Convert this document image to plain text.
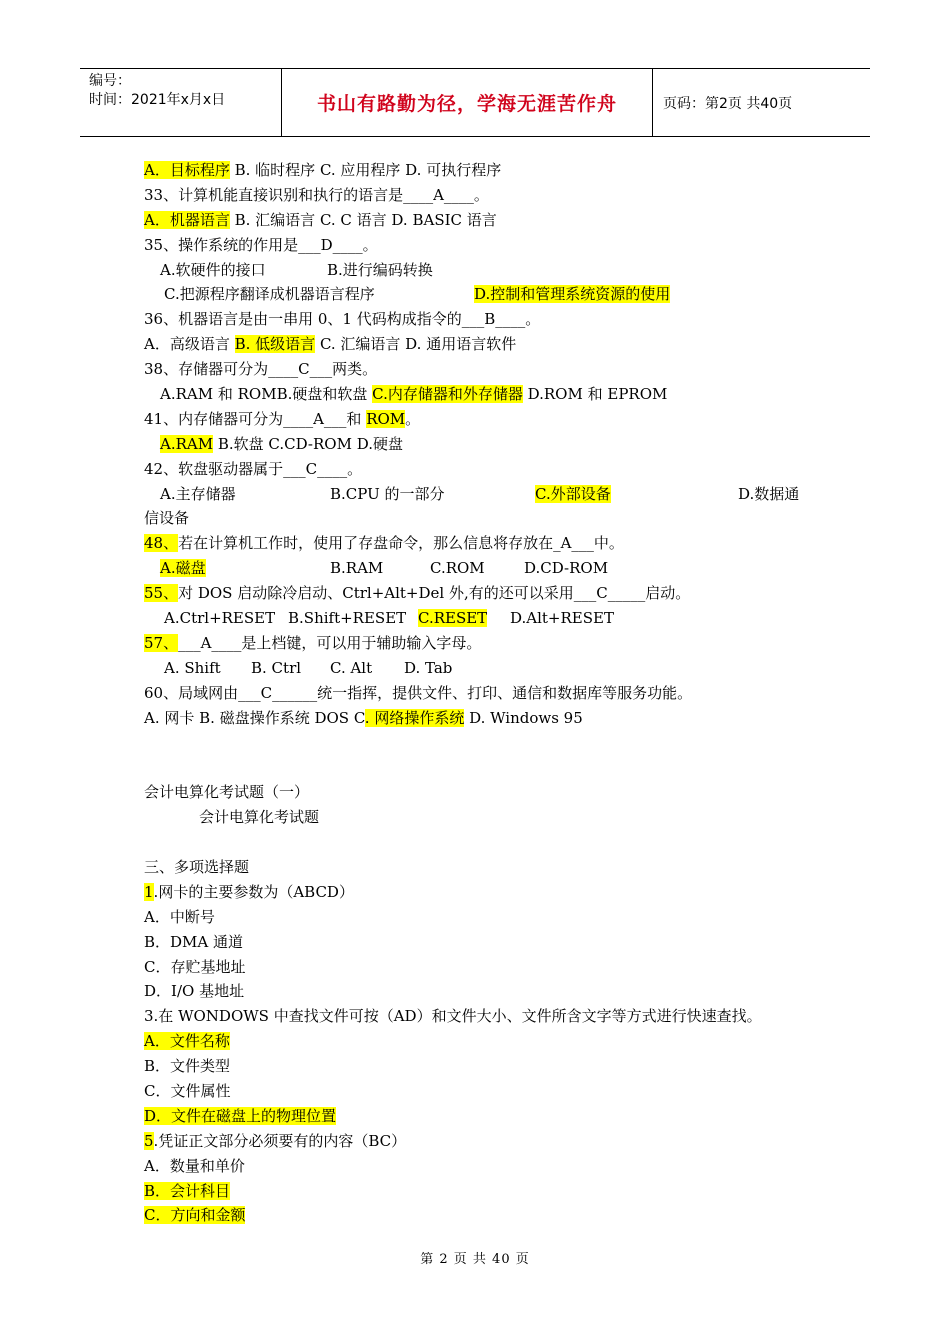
编号：
时间：2021年x月x日	书山有路勤为径，学海无涯苦作舟	页码：第2页 共40页
A．目标程序 B. 临时程序 C. 应用程序 D. 可执行程序
33、计算机能直接识别和执行的语言是____A____。
A．机器语言 B. 汇编语言 C. C 语言 D. BASIC 语言
35、操作系统的作用是___D____。
A.软硬件的接口	B.进行编码转换
C.把源程序翻译成机器语言程序	D.控制和管理系统资源的使用
36、机器语言是由一串用 0、1 代码构成指令的___B____。
A．高级语言 B. 低级语言 C. 汇编语言 D. 通用语言软件
38、存储器可分为____C___两类。
A.RAM 和 ROMB.硬盘和软盘 C.内存储器和外存储器 D.ROM 和 EPROM
41、内存储器可分为____A___和 ROM。
A.RAM B.软盘 C.CD-ROM D.硬盘
42、软盘驱动器属于___C____。
A.主存储器	B.CPU 的一部分	C.外部设备	D.数据通
信设备
48、若在计算机工作时，使用了存盘命令，那么信息将存放在_A___中。
A.磁盘	B.RAM	C.ROM	D.CD-ROM
55、对 DOS 启动除冷启动、Ctrl+Alt+Del 外,有的还可以采用___C_____启动。
A.Ctrl+RESET B.Shift+RESET C.RESET D.Alt+RESET
57、___A____是上档键，可以用于辅助输入字母。
A. Shift B. Ctrl C. Alt D. Tab
60、局域网由___C______统一指挥，提供文件、打印、通信和数据库等服务功能。
A. 网卡 B. 磁盘操作系统 DOS C. 网络操作系统 D. Windows 95
会计电算化考试题（一）
会计电算化考试题
三、多项选择题
1.网卡的主要参数为（ABCD）
A．中断号
B．DMA 通道
C．存贮基地址
D．I/O 基地址
3.在 WONDOWS 中查找文件可按（AD）和文件大小、文件所含文字等方式进行快速查找。
A．文件名称
B．文件类型
C．文件属性
D．文件在磁盘上的物理位置
5.凭证正文部分必须要有的内容（BC）
A．数量和单价
B．会计科目
C．方向和金额
第 2 页 共 40 页
